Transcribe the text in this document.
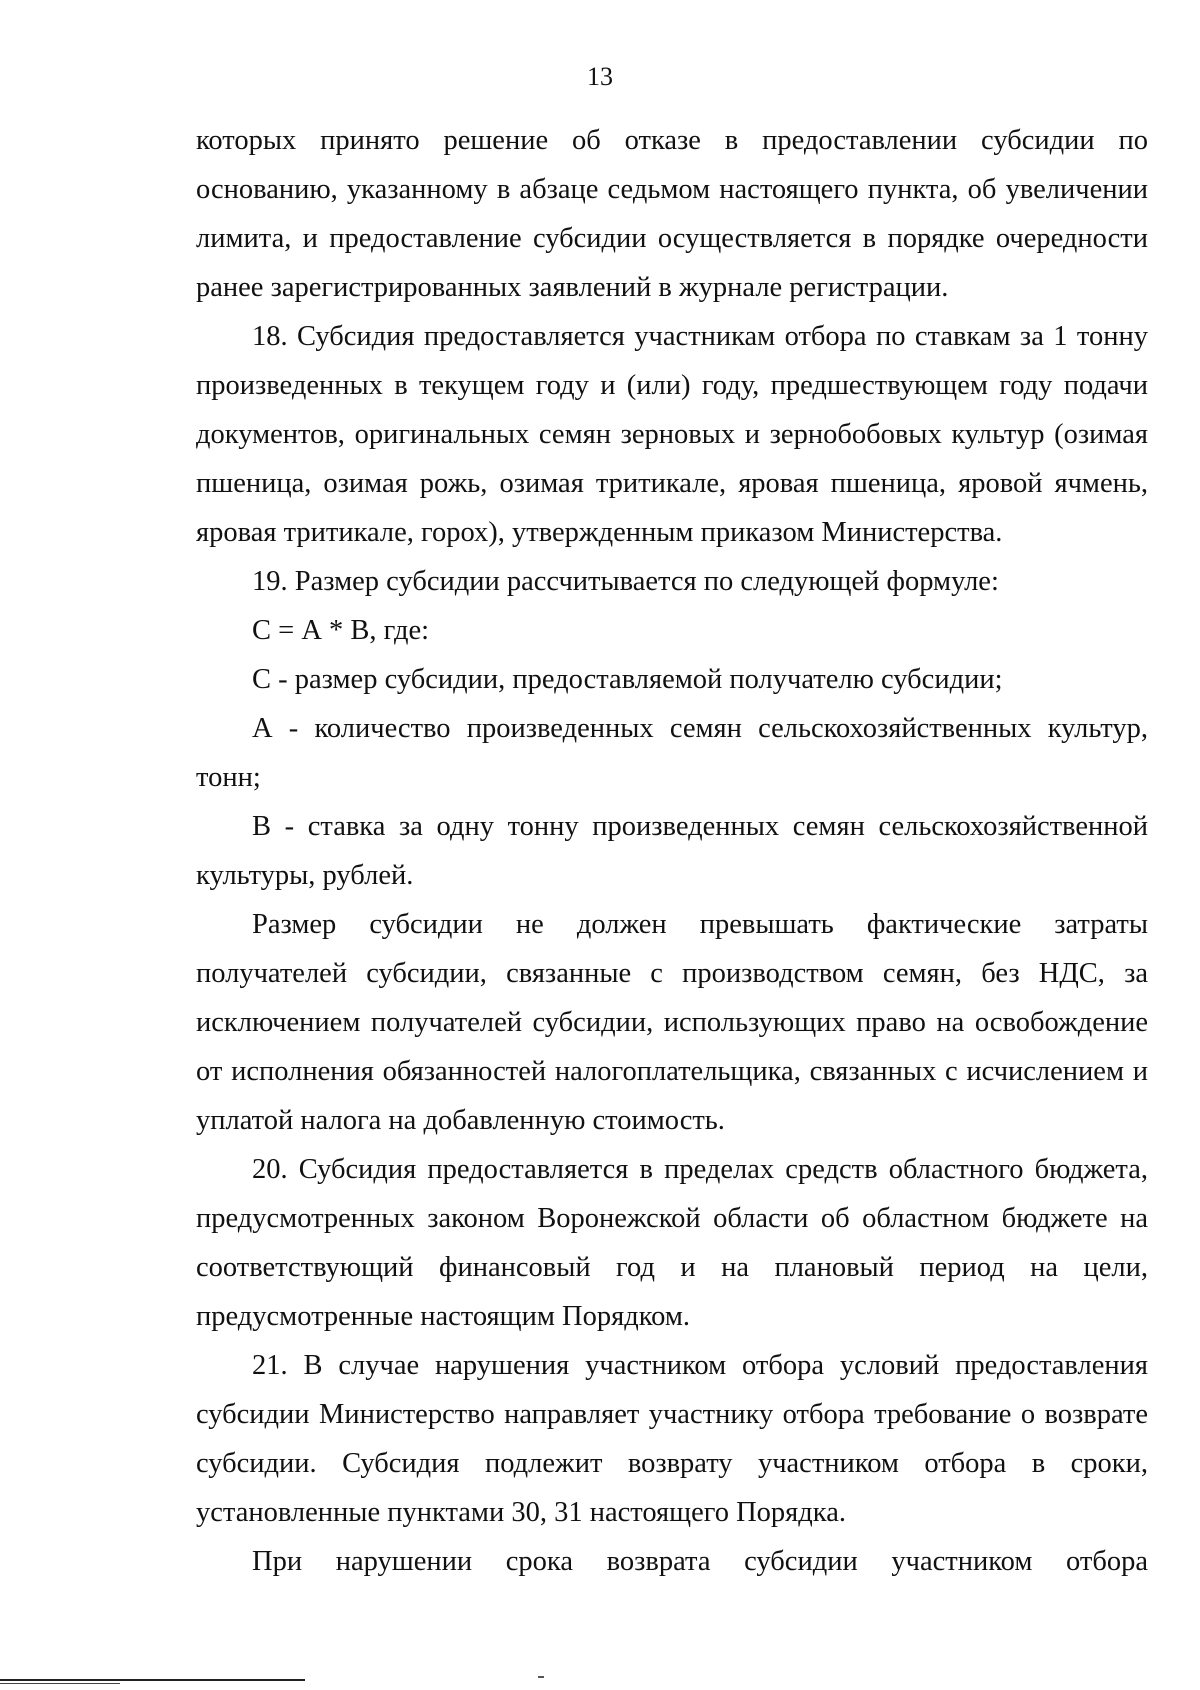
13

которых принято решение об отказе в предоставлении субсидии по основанию, указанному в абзаце седьмом настоящего пункта, об увеличении лимита, и предоставление субсидии осуществляется в порядке очередности ранее зарегистрированных заявлений в журнале регистрации.

18. Субсидия предоставляется участникам отбора по ставкам за 1 тонну произведенных в текущем году и (или) году, предшествующем году подачи документов, оригинальных семян зерновых и зернобобовых культур (озимая пшеница, озимая рожь, озимая тритикале, яровая пшеница, яровой ячмень, яровая тритикале, горох), утвержденным приказом Министерства.

19. Размер субсидии рассчитывается по следующей формуле:

С = А * В, где:

С - размер субсидии, предоставляемой получателю субсидии;

А - количество произведенных семян сельскохозяйственных культур, тонн;

В - ставка за одну тонну произведенных семян сельскохозяйственной культуры, рублей.

Размер субсидии не должен превышать фактические затраты получателей субсидии, связанные с производством семян, без НДС, за исключением получателей субсидии, использующих право на освобождение от исполнения обязанностей налогоплательщика, связанных с исчислением и уплатой налога на добавленную стоимость.

20. Субсидия предоставляется в пределах средств областного бюджета, предусмотренных законом Воронежской области об областном бюджете на соответствующий финансовый год и на плановый период на цели, предусмотренные настоящим Порядком.

21. В случае нарушения участником отбора условий предоставления субсидии Министерство направляет участнику отбора требование о возврате субсидии. Субсидия подлежит возврату участником отбора в сроки, установленные пунктами 30, 31 настоящего Порядка.

При нарушении срока возврата субсидии участником отбора
